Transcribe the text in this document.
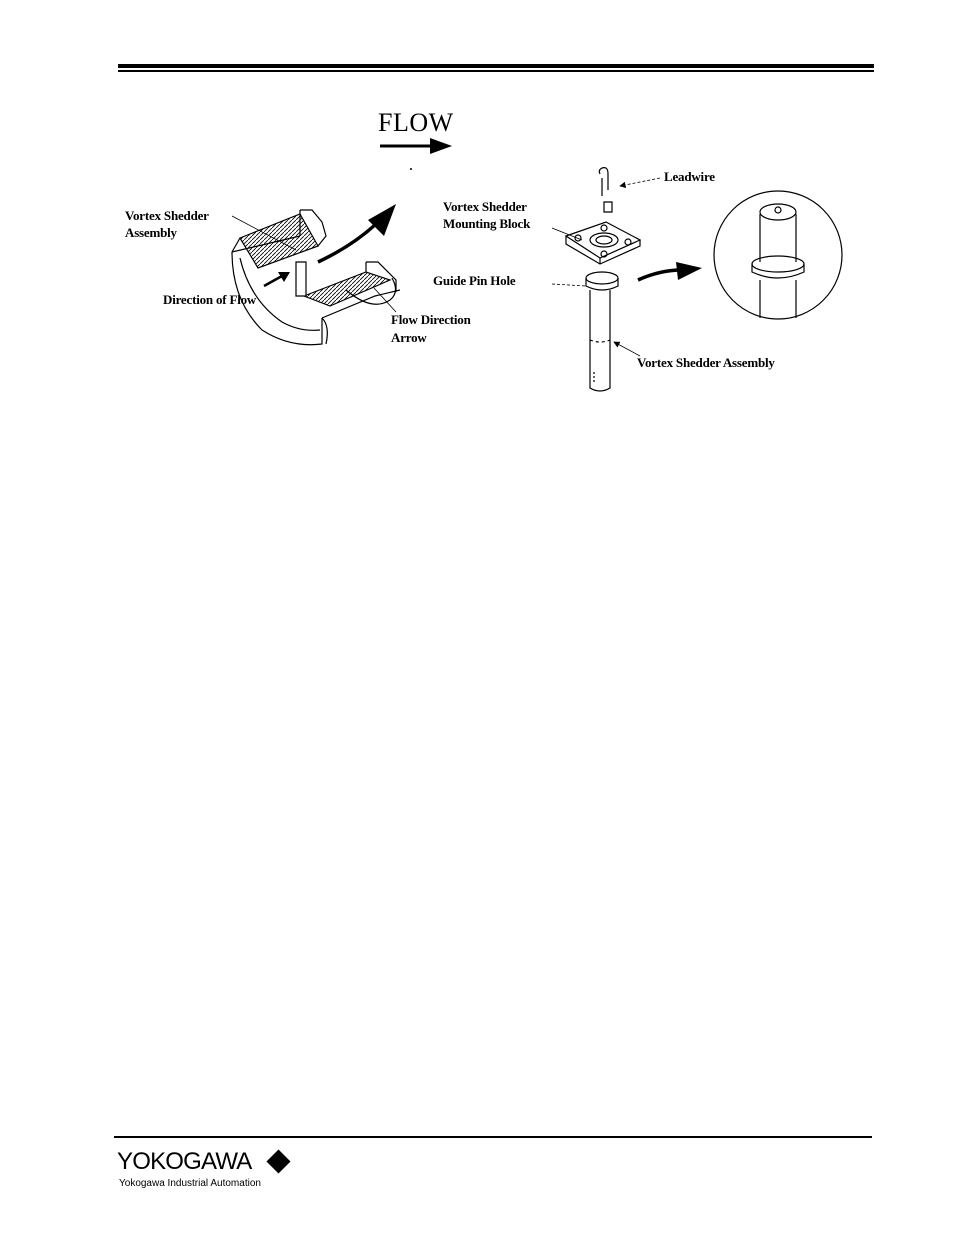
FLOW
Vortex Shedder
Assembly
Direction of Flow
Flow Direction
Arrow
Leadwire
Vortex Shedder
Mounting Block
Guide Pin Hole
Vortex Shedder Assembly
YOKOGAWA
Yokogawa Industrial Automation
